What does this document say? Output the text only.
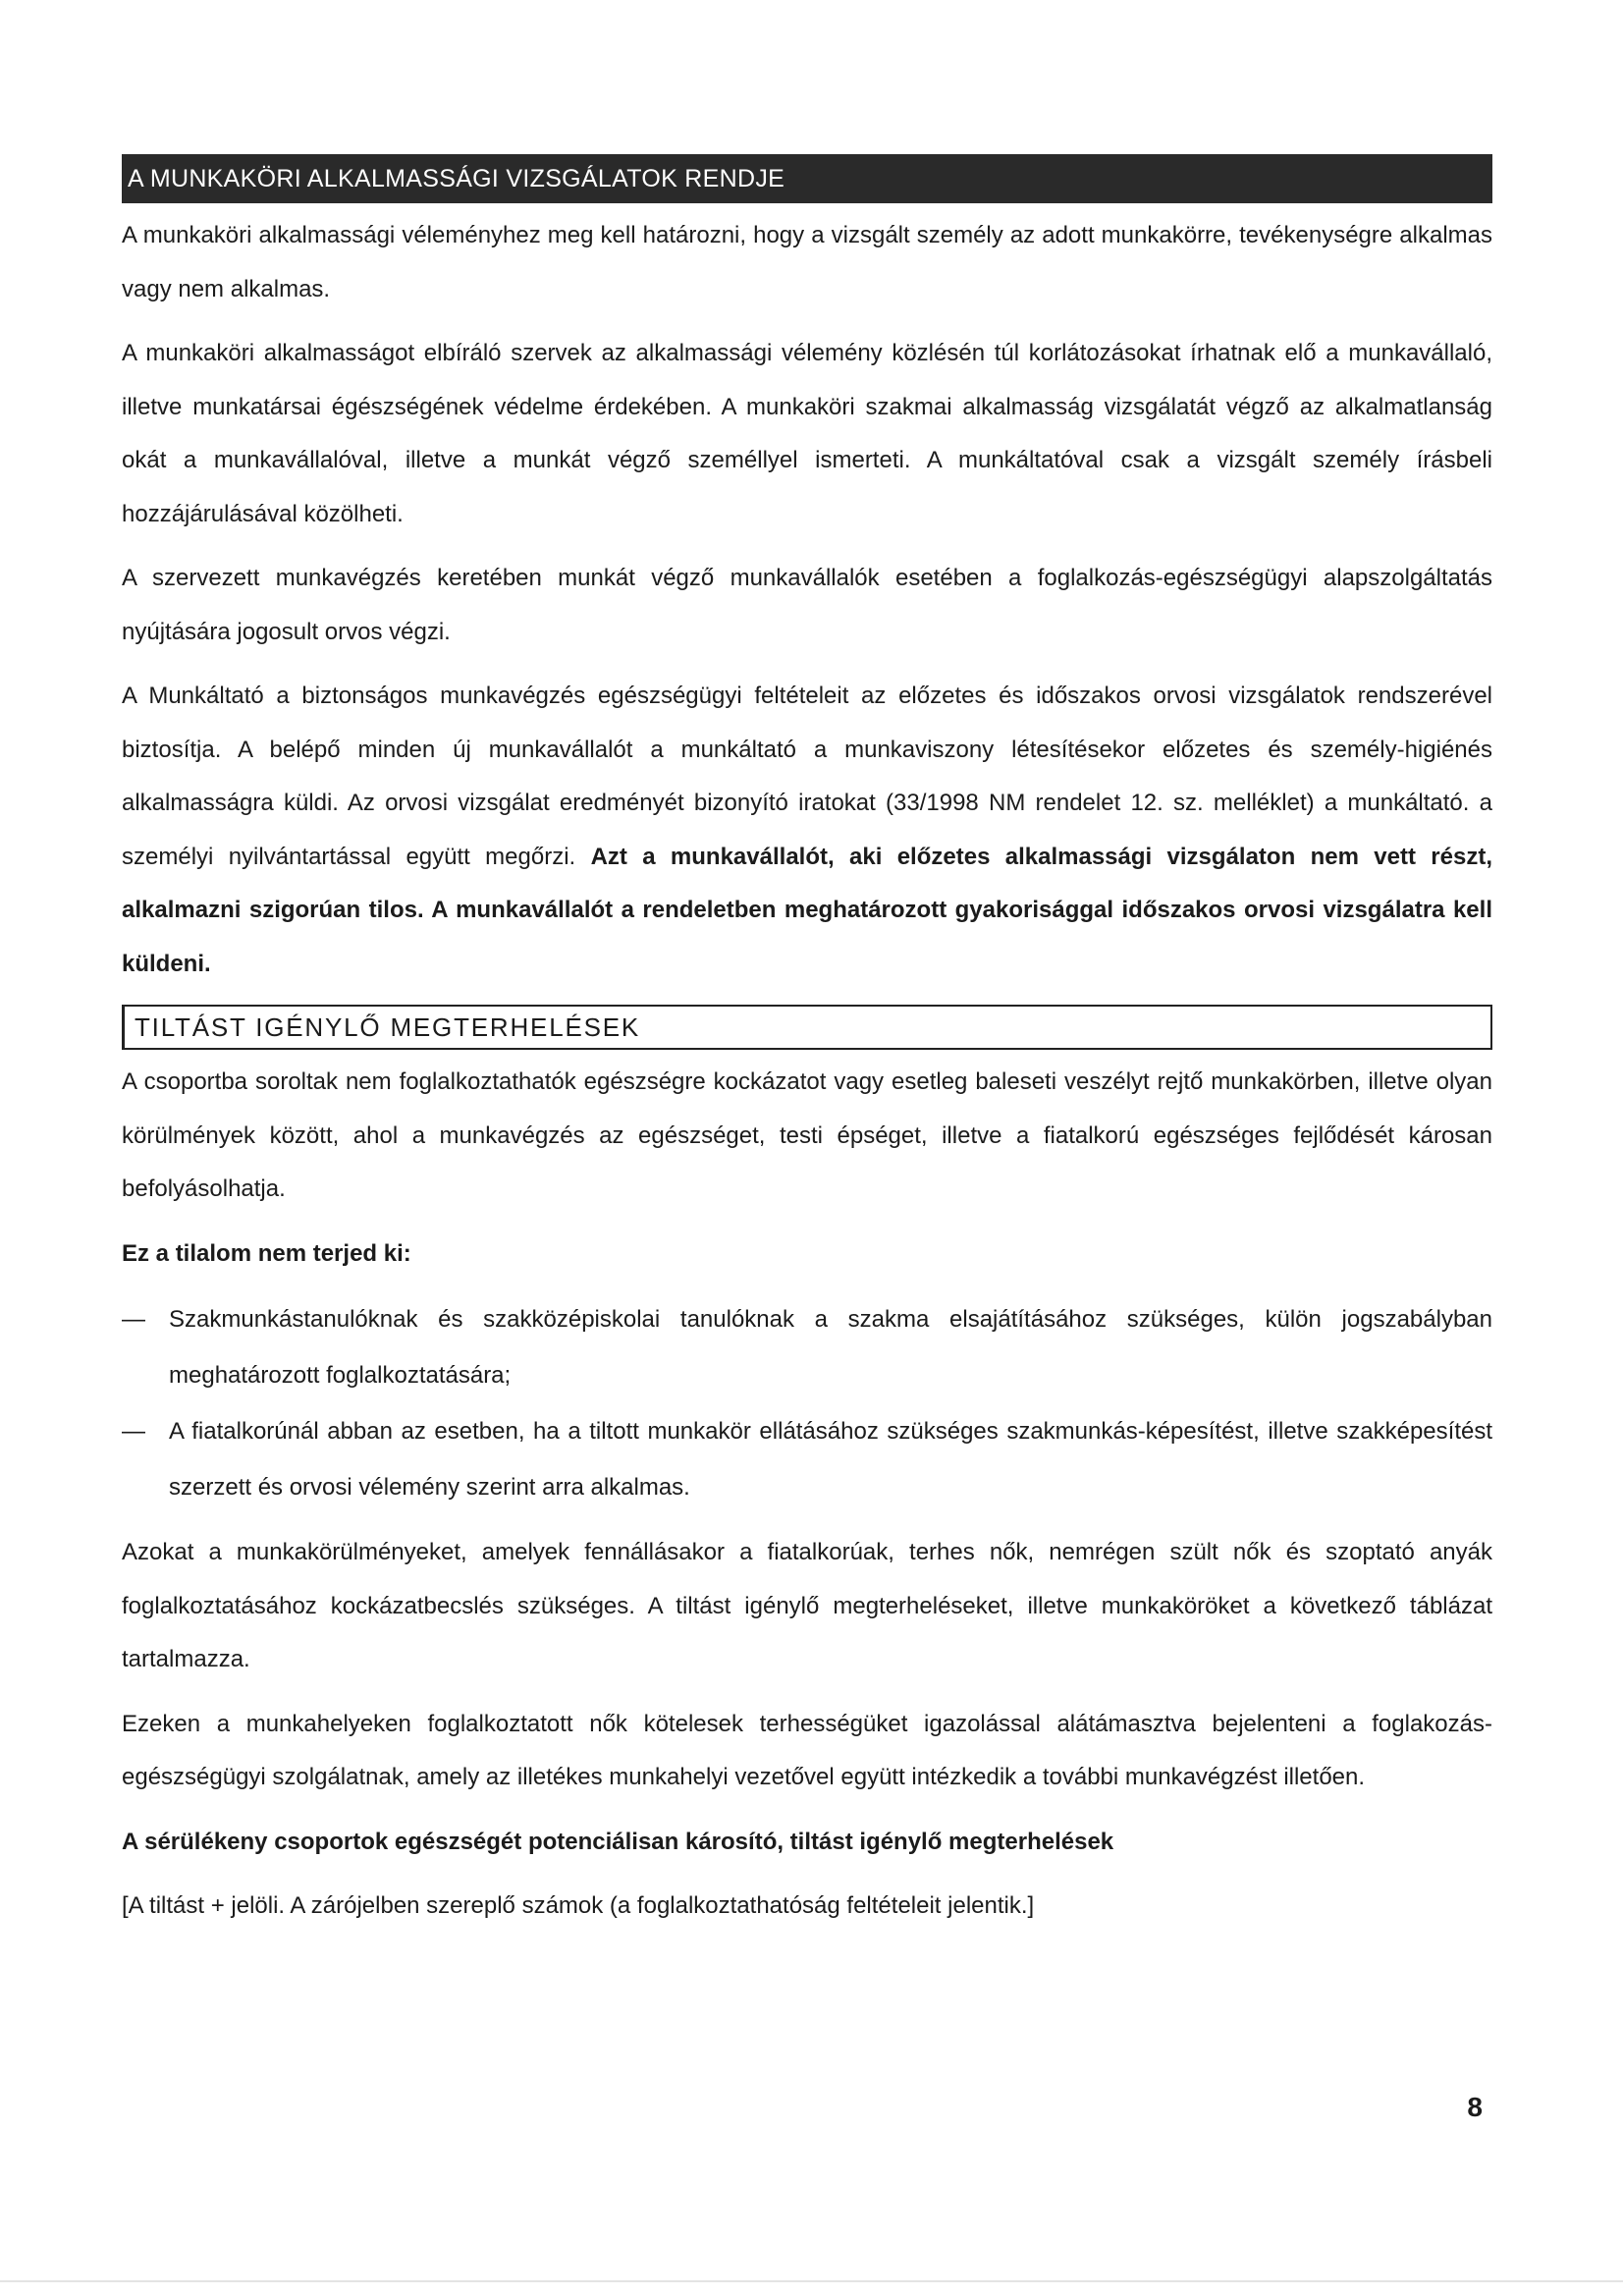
A MUNKAKÖRI ALKALMASSÁGI VIZSGÁLATOK RENDJE

A munkaköri alkalmassági véleményhez meg kell határozni, hogy a vizsgált személy az adott munkakörre, tevékenységre alkalmas vagy nem alkalmas.

A munkaköri alkalmasságot elbíráló szervek az alkalmassági vélemény közlésén túl korlátozásokat írhatnak elő a munkavállaló, illetve munkatársai égészségének védelme érdekében. A munkaköri szakmai alkalmasság vizsgálatát végző az alkalmatlanság okát a munkavállalóval, illetve a munkát végző személlyel ismerteti. A munkáltatóval csak a vizsgált személy írásbeli hozzájárulásával közölheti.

A szervezett munkavégzés keretében munkát végző munkavállalók esetében a foglalkozás-egészségügyi alapszolgáltatás nyújtására jogosult orvos végzi.

A Munkáltató a biztonságos munkavégzés egészségügyi feltételeit az előzetes és időszakos orvosi vizsgálatok rendszerével biztosítja. A belépő minden új munkavállalót a munkáltató a munkaviszony létesítésekor előzetes és személy-higiénés alkalmasságra küldi. Az orvosi vizsgálat eredményét bizonyító iratokat (33/1998 NM rendelet 12. sz. melléklet) a munkáltató. a személyi nyilvántartással együtt megőrzi. Azt a munkavállalót, aki előzetes alkalmassági vizsgálaton nem vett részt, alkalmazni szigorúan tilos. A munkavállalót a rendeletben meghatározott gyakorisággal időszakos orvosi vizsgálatra kell küldeni.

TILTÁST IGÉNYLŐ MEGTERHELÉSEK

A csoportba soroltak nem foglalkoztathatók egészségre kockázatot vagy esetleg baleseti veszélyt rejtő munkakörben, illetve olyan körülmények között, ahol a munkavégzés az egészséget, testi épséget, illetve a fiatalkorú egészséges fejlődését károsan befolyásolhatja.

Ez a tilalom nem terjed ki:

— Szakmunkástanulóknak és szakközépiskolai tanulóknak a szakma elsajátításához szükséges, külön jogszabályban meghatározott foglalkoztatására;
— A fiatalkorúnál abban az esetben, ha a tiltott munkakör ellátásához szükséges szakmunkás-képesítést, illetve szakképesítést szerzett és orvosi vélemény szerint arra alkalmas.

Azokat a munkakörülményeket, amelyek fennállásakor a fiatalkorúak, terhes nők, nemrégen szült nők és szoptató anyák foglalkoztatásához kockázatbecslés szükséges. A tiltást igénylő megterheléseket, illetve munkaköröket a következő táblázat tartalmazza.

Ezeken a munkahelyeken foglalkoztatott nők kötelesek terhességüket igazolással alátámasztva bejelenteni a foglakozás-egészségügyi szolgálatnak, amely az illetékes munkahelyi vezetővel együtt intézkedik a további munkavégzést illetően.

A sérülékeny csoportok egészségét potenciálisan károsító, tiltást igénylő megterhelések

[A tiltást + jelöli. A zárójelben szereplő számok (a foglalkoztathatóság feltételeit jelentik.]

8
